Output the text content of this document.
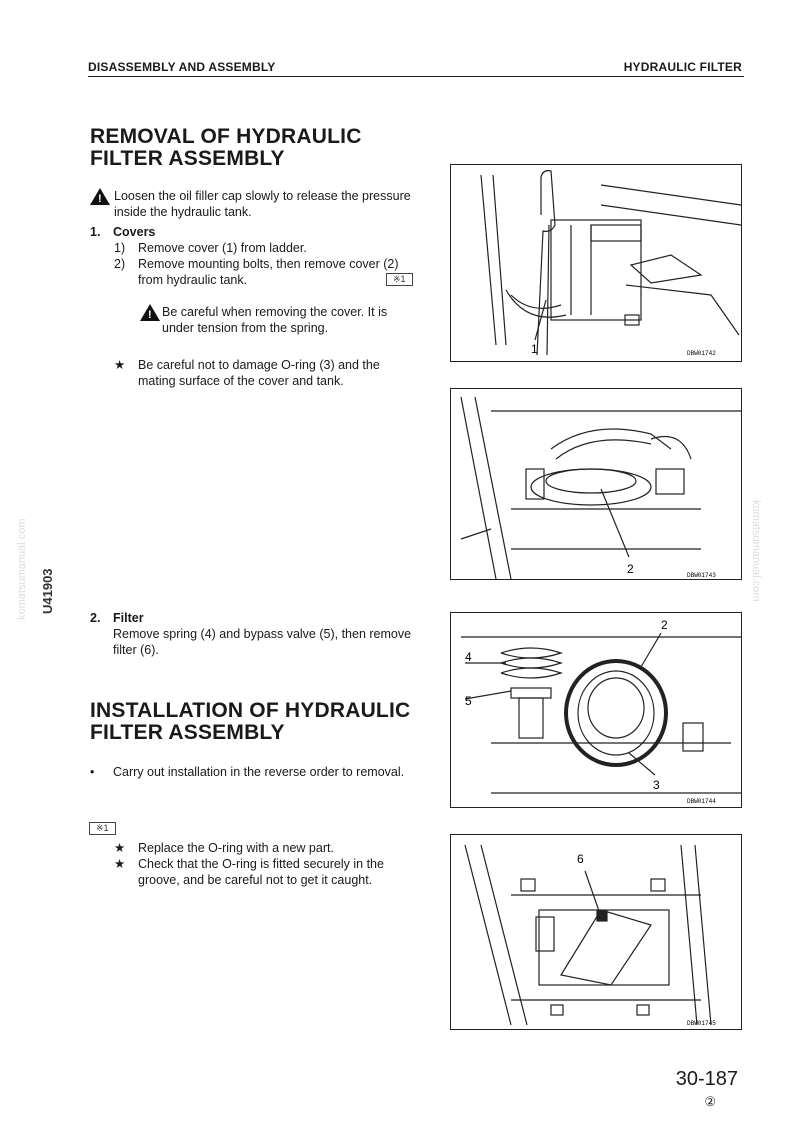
DISASSEMBLY AND ASSEMBLY	HYDRAULIC FILTER
U41903
komatsumanual.com	komatsumanual.com
REMOVAL OF HYDRAULIC
FILTER ASSEMBLY
! Loosen the oil filler cap slowly to release the pressure inside the hydraulic tank.
1. Covers
1) Remove cover (1) from ladder.
2) Remove mounting bolts, then remove cover (2) from hydraulic tank.	※1
! Be careful when removing the cover. It is under tension from the spring.
★ Be careful not to damage O-ring (3) and the mating surface of the cover and tank.
2. Filter
Remove spring (4) and bypass valve (5), then remove filter (6).
INSTALLATION OF HYDRAULIC
FILTER ASSEMBLY
• Carry out installation in the reverse order to removal.
※1
★ Replace the O-ring with a new part.
★ Check that the O-ring is fitted securely in the groove, and be careful not to get it caught.
1	DBW01742
2	DBW01743
2
4
5
3
DBW01744
6
DBW01745
30-187
②
